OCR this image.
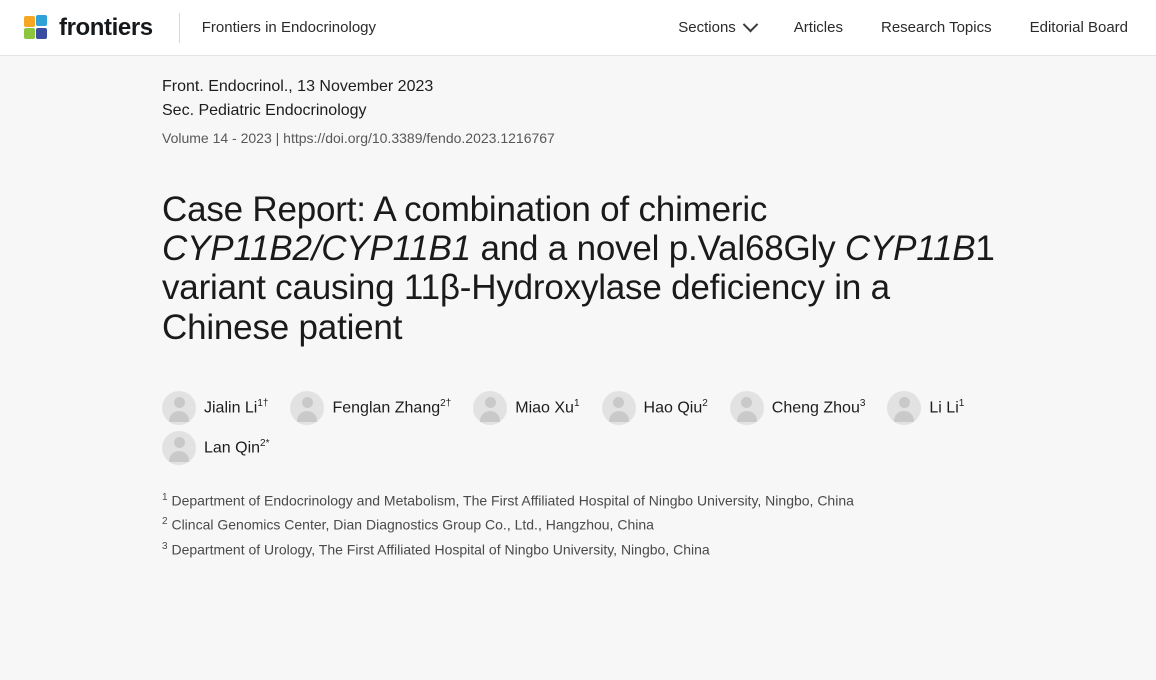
frontiers	Frontiers in Endocrinology	Sections	Articles	Research Topics	Editorial Board
Front. Endocrinol., 13 November 2023
Sec. Pediatric Endocrinology
Volume 14 - 2023 | https://doi.org/10.3389/fendo.2023.1216767
Case Report: A combination of chimeric CYP11B2/CYP11B1 and a novel p.Val68Gly CYP11B1 variant causing 11β-Hydroxylase deficiency in a Chinese patient
Jialin $Li^{1\dagger}$	Fenglan Zhang$^{2\dagger}$	Miao Xu$^1$	Hao Qiu$^2$	Cheng Zhou$^3$	Li Li$^1$
Lan Qin$^{2*}$
$^1$ Department of Endocrinology and Metabolism, The First Affiliated Hospital of Ningbo University, Ningbo, China
$^2$ Clincal Genomics Center, Dian Diagnostics Group Co., Ltd., Hangzhou, China
$^3$ Department of Urology, The First Affiliated Hospital of Ningbo University, Ningbo, China
